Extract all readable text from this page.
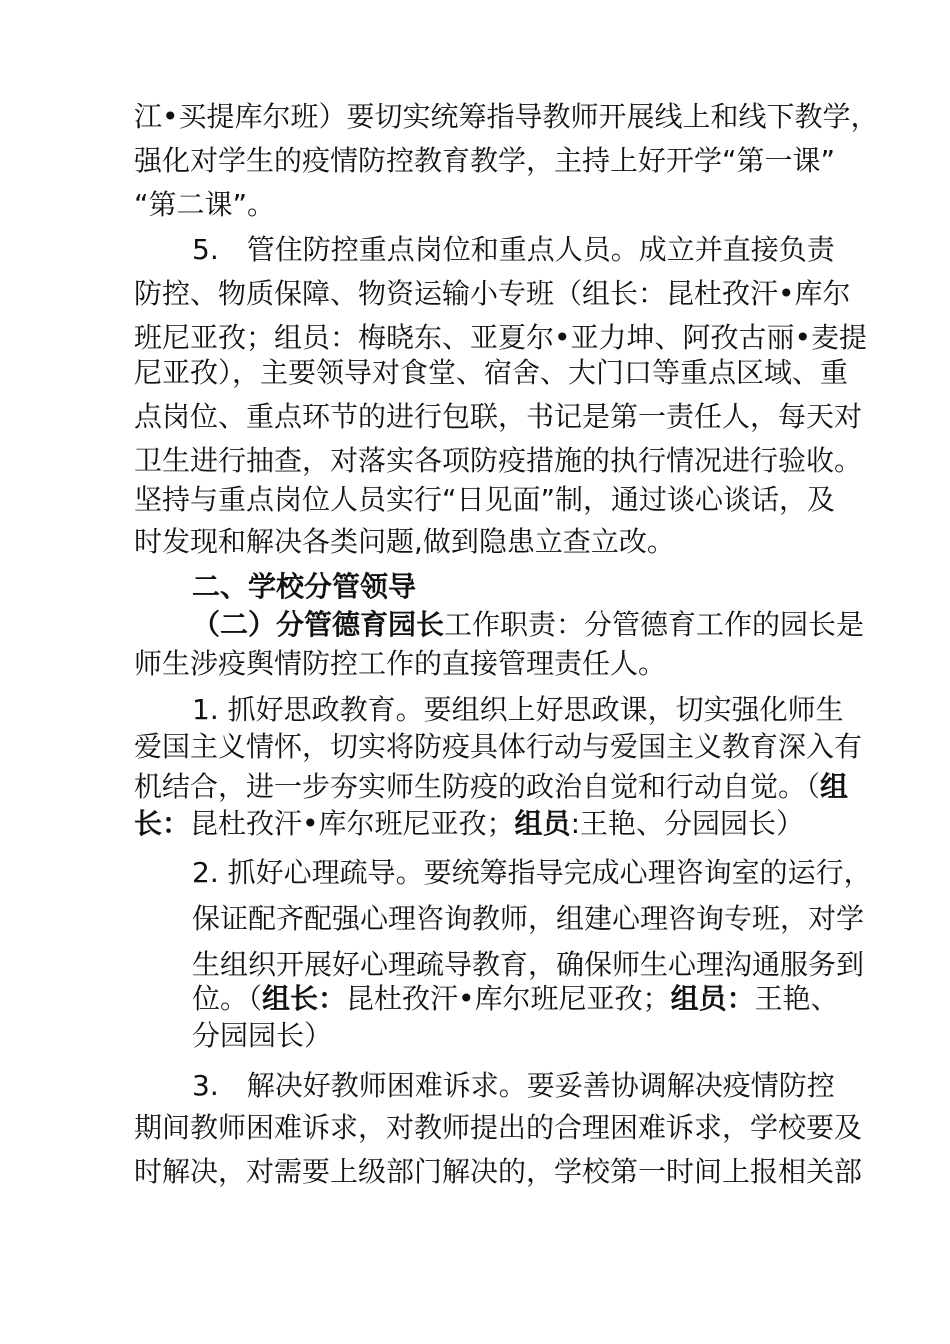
江•买提库尔班）要切实统筹指导教师开展线上和线下教学，
强化对学生的疫情防控教育教学，主持上好开学“第一课”
“第二课”。
5.　管住防控重点岗位和重点人员。成立并直接负责
防控、物质保障、物资运输小专班（组长：昆杜孜汗•库尔
班尼亚孜；组员：梅晓东、亚夏尔•亚力坤、阿孜古丽•麦提
尼亚孜），主要领导对食堂、宿舍、大门口等重点区域、重
点岗位、重点环节的进行包联，书记是第一责任人，每天对
卫生进行抽查，对落实各项防疫措施的执行情况进行验收。
坚持与重点岗位人员实行“日见面”制，通过谈心谈话，及
时发现和解决各类问题,做到隐患立查立改。
二、学校分管领导
（二）分管德育园长工作职责：分管德育工作的园长是
师生涉疫舆情防控工作的直接管理责任人。
1. 抓好思政教育。要组织上好思政课，切实强化师生
爱国主义情怀，切实将防疫具体行动与爱国主义教育深入有
机结合，进一步夯实师生防疫的政治自觉和行动自觉。（组
长：昆杜孜汗•库尔班尼亚孜；组员:王艳、分园园长）
2. 抓好心理疏导。要统筹指导完成心理咨询室的运行，
保证配齐配强心理咨询教师，组建心理咨询专班，对学
生组织开展好心理疏导教育，确保师生心理沟通服务到
位。（组长：昆杜孜汗•库尔班尼亚孜；组员：王艳、
分园园长）
3.　解决好教师困难诉求。要妥善协调解决疫情防控
期间教师困难诉求，对教师提出的合理困难诉求，学校要及
时解决，对需要上级部门解决的，学校第一时间上报相关部
